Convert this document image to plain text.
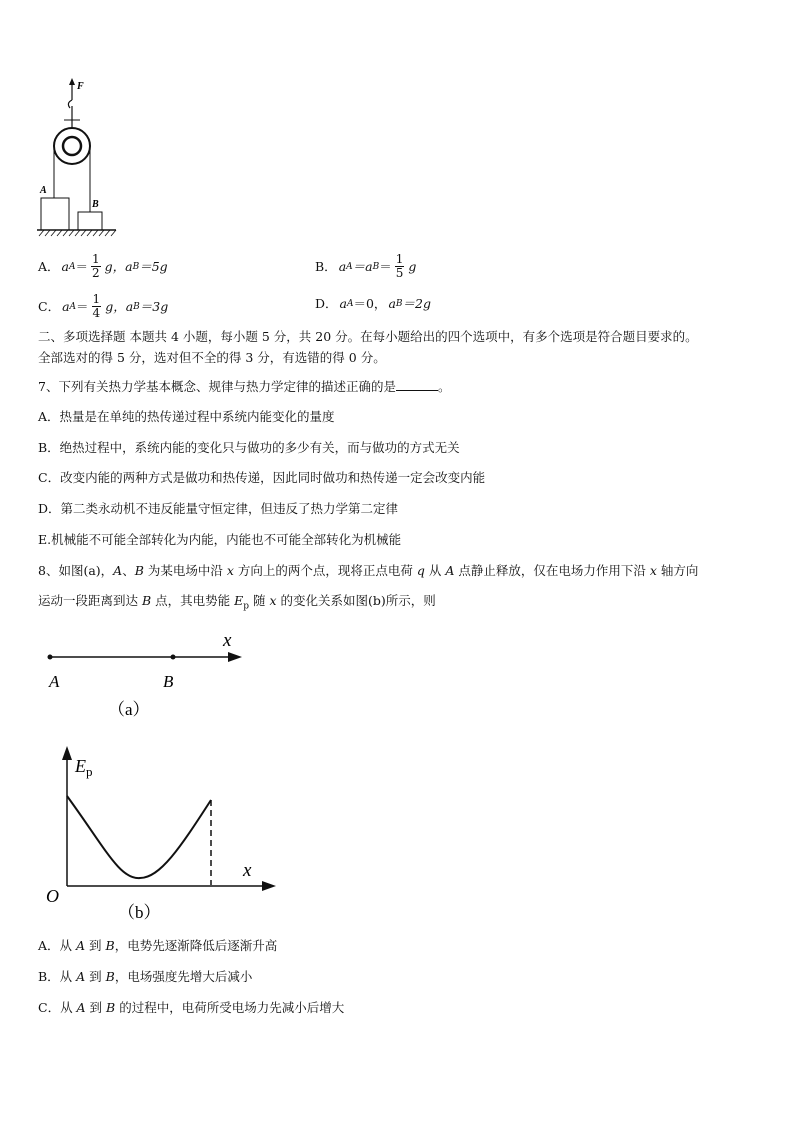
F
A
B
A． a $A = \frac{1}{2}$ g， a B ＝5g	B． a A ＝a $B = \frac{1}{5}$ g
C． a $A = \frac{1}{4}$ g， a B ＝3g	D． a A ＝0， a B ＝2g
二、多项选择题 本题共 4 小题，每小题 5 分，共 20 分。在每小题给出的四个选项中，有多个选项是符合题目要求的。
全部选对的得 5 分，选对但不全的得 3 分，有选错的得 0 分。
7、下列有关热力学基本概念、规律与热力学定律的描述正确的是	。
A．热量是在单纯的热传递过程中系统内能变化的量度
B．绝热过程中，系统内能的变化只与做功的多少有关，而与做功的方式无关
C．改变内能的两种方式是做功和热传递，因此同时做功和热传递一定会改变内能
D．第二类永动机不违反能量守恒定律，但违反了热力学第二定律
E.机械能不可能全部转化为内能，内能也不可能全部转化为机械能
8、如图(a)，A、B 为某电场中沿 x 方向上的两个点，现将正点电荷 q 从 A 点静止释放，仅在电场力作用下沿 x 轴方向
运动一段距离到达 B 点，其电势能 $E_p$ 随 x 的变化关系如图(b)所示，则
x
A	B
（a）
$E_p$
x
O
（b）
A．从 A 到 B，电势先逐渐降低后逐渐升高
B．从 A 到 B，电场强度先增大后减小
C．从 A 到 B 的过程中，电荷所受电场力先减小后增大
